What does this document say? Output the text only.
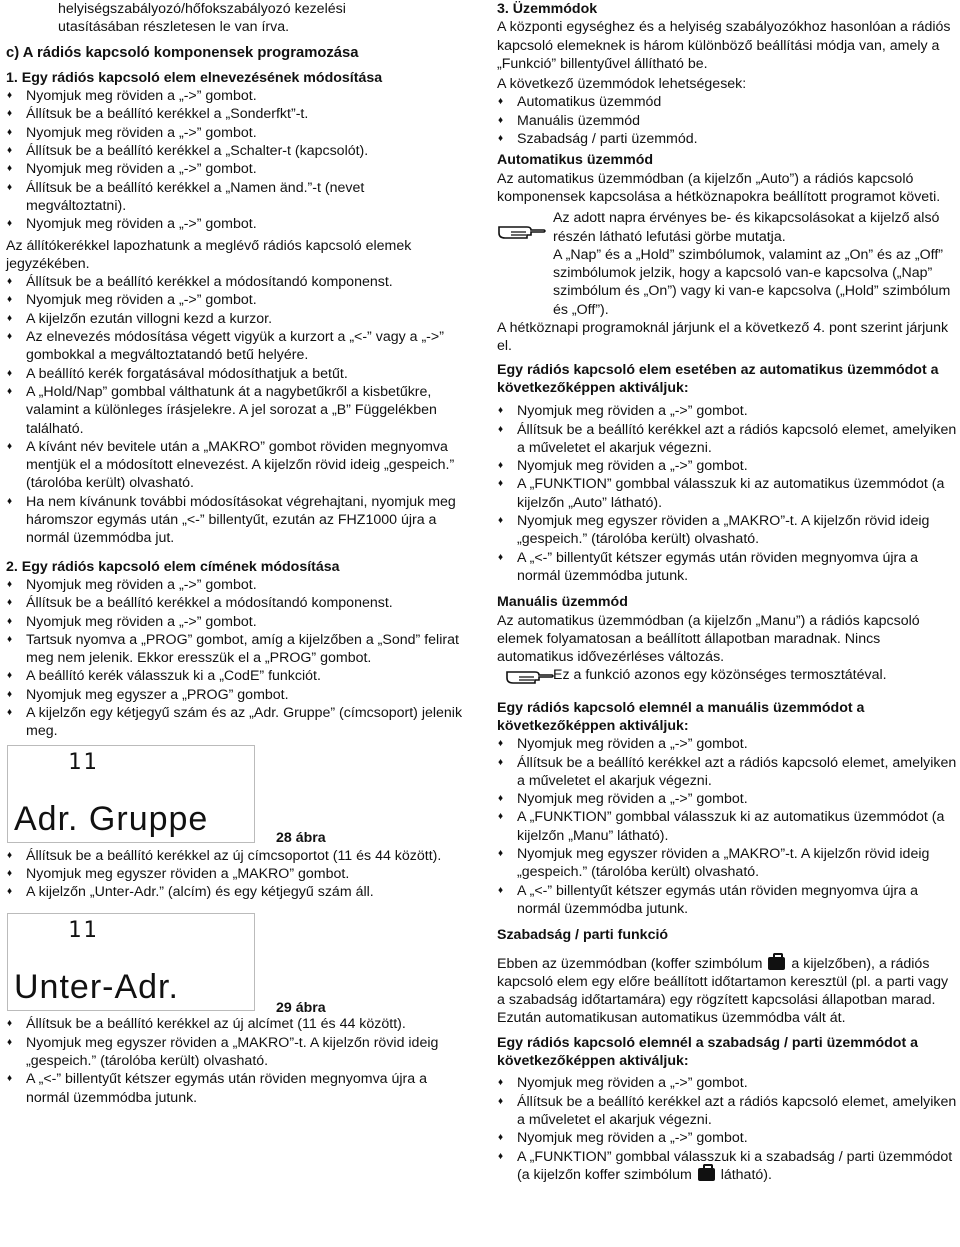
helyiségszabályozó/hőfokszabályozó kezelési

utasításában részletesen le van írva.

c) A rádiós kapcsoló komponensek programozása

1. Egy rádiós kapcsoló elem elnevezésének módosítása

♦ Nyomjuk meg röviden a „->” gombot.
♦ Állítsuk be a beállító kerékkel a „Sonderfkt”-t.
♦ Nyomjuk meg röviden a „->” gombot.
♦ Állítsuk be a beállító kerékkel a „Schalter-t (kapcsolót).
♦ Nyomjuk meg röviden a „->” gombot.
♦ Állítsuk be a beállító kerékkel a „Namen änd.”-t (nevet megváltoztatni).
♦ Nyomjuk meg röviden a „->” gombot.

Az állítókerékkel lapozhatunk a meglévő rádiós kapcsoló elemek jegyzékében.

♦ Állítsuk be a beállító kerékkel a módosítandó komponenst.
♦ Nyomjuk meg röviden a „->” gombot.
♦ A kijelzőn ezután villogni kezd a kurzor.
♦ Az elnevezés módosítása végett vigyük a kurzort a „<-” vagy a „->” gombokkal a megváltoztatandó betű helyére.
♦ A beállító kerék forgatásával módosíthatjuk a betűt.
♦ A „Hold/Nap” gombbal válthatunk át a nagybetűkről a kisbetűkre, valamint a különleges írásjelekre. A jel sorozat a „B” Függelékben található.
♦ A kívánt név bevitele után a „MAKRO” gombot röviden megnyomva mentjük el a módosított elnevezést. A kijelzőn rövid ideig „gespeich.” (tárolóba került) olvasható.
♦ Ha nem kívánunk további módosításokat végrehajtani, nyomjuk meg háromszor egymás után „<-” billentyűt, ezután az FHZ1000 újra a normál üzemmódba jut.

2. Egy rádiós kapcsoló elem címének módosítása

♦ Nyomjuk meg röviden a „->” gombot.
♦ Állítsuk be a beállító kerékkel a módosítandó komponenst.
♦ Nyomjuk meg röviden a „->” gombot.
♦ Tartsuk nyomva a „PROG” gombot, amíg a kijelzőben a „Sond” felirat meg nem jelenik. Ekkor eresszük el a „PROG” gombot.
♦ A beállító kerék válasszuk ki a „CodE” funkciót.
♦ Nyomjuk meg egyszer a „PROG” gombot.
♦ A kijelzőn egy kétjegyű szám és az „Adr. Gruppe” (címcsoport) jelenik meg.
11
Adr. Gruppe	28 ábra
♦ Állítsuk be a beállító kerékkel az új címcsoportot (11 és 44 között).
♦ Nyomjuk meg egyszer röviden a „MAKRO” gombot.
♦ A kijelzőn „Unter-Adr.” (alcím) és egy kétjegyű szám áll.
11
Unter-Adr.
29 ábra
♦ Állítsuk be a beállító kerékkel az új alcímet (11 és 44 között).
♦ Nyomjuk meg egyszer röviden a „MAKRO”-t. A kijelzőn rövid ideig „gespeich.” (tárolóba került) olvasható.
♦ A „<-” billentyűt kétszer egymás után röviden megnyomva újra a normál üzemmódba jutunk.

3. Üzemmódok

A központi egységhez és a helyiség szabályozókhoz hasonlóan a rádiós kapcsoló elemeknek is három különböző beállítási módja van, amely a „Funkció” billentyűvel állítható be.

A következő üzemmódok lehetségesek:

♦ Automatikus üzemmód
♦ Manuális üzemmód
♦ Szabadság / parti üzemmód.

Automatikus üzemmód

Az automatikus üzemmódban (a kijelzőn „Auto”) a rádiós kapcsoló komponensek kapcsolása a hétköznapokra beállított programot követi.

Az adott napra érvényes be- és kikapcsolásokat a kijelző alsó részén látható lefutási görbe mutatja.

A „Nap” és a „Hold” szimbólumok, valamint az „On” és az „Off” szimbólumok jelzik, hogy a kapcsoló van-e kapcsolva („Nap” szimbólum és „On”) vagy ki van-e kapcsolva („Hold” szimbólum és „Off”).

A hétköznapi programoknál járjunk el a következő 4. pont szerint járjunk el.

Egy rádiós kapcsoló elem esetében az automatikus üzemmódot a következőképpen aktiváljuk:

♦ Nyomjuk meg röviden a „->” gombot.
♦ Állítsuk be a beállító kerékkel azt a rádiós kapcsoló elemet, amelyiken a műveletet el akarjuk végezni.
♦ Nyomjuk meg röviden a „->” gombot.
♦ A „FUNKTION” gombbal válasszuk ki az automatikus üzemmódot (a kijelzőn „Auto” látható).
♦ Nyomjuk meg egyszer röviden a „MAKRO”-t. A kijelzőn rövid ideig „gespeich.” (tárolóba került) olvasható.
♦ A „<-” billentyűt kétszer egymás után röviden megnyomva újra a normál üzemmódba jutunk.

Manuális üzemmód

Az automatikus üzemmódban (a kijelzőn „Manu”) a rádiós kapcsoló elemek folyamatosan a beállított állapotban maradnak. Nincs automatikus idővezérléses változás.

Ez a funkció azonos egy közönséges termosztátéval.

Egy rádiós kapcsoló elemnél a manuális üzemmódot a következőképpen aktiváljuk:

♦ Nyomjuk meg röviden a „->” gombot.
♦ Állítsuk be a beállító kerékkel azt a rádiós kapcsoló elemet, amelyiken a műveletet el akarjuk végezni.
♦ Nyomjuk meg röviden a „->” gombot.
♦ A „FUNKTION” gombbal válasszuk ki az automatikus üzemmódot (a kijelzőn „Manu” látható).
♦ Nyomjuk meg egyszer röviden a „MAKRO”-t. A kijelzőn rövid ideig „gespeich.” (tárolóba került) olvasható.
♦ A „<-” billentyűt kétszer egymás után röviden megnyomva újra a normál üzemmódba jutunk.

Szabadság / parti funkció

Ebben az üzemmódban (koffer szimbólum a kijelzőben), a rádiós kapcsoló elem egy előre beállított időtartamon keresztül (pl. a parti vagy a szabadság időtartamára) egy rögzített kapcsolási állapotban marad. Ezután automatikusan automatikus üzemmódba vált át.

Egy rádiós kapcsoló elemnél a szabadság / parti üzemmódot a következőképpen aktiváljuk:

♦ Nyomjuk meg röviden a „->” gombot.
♦ Állítsuk be a beállító kerékkel azt a rádiós kapcsoló elemet, amelyiken a műveletet el akarjuk végezni.
♦ Nyomjuk meg röviden a „->” gombot.
♦ A „FUNKTION” gombbal válasszuk ki a szabadság / parti üzemmódot (a kijelzőn koffer szimbólum látható).
